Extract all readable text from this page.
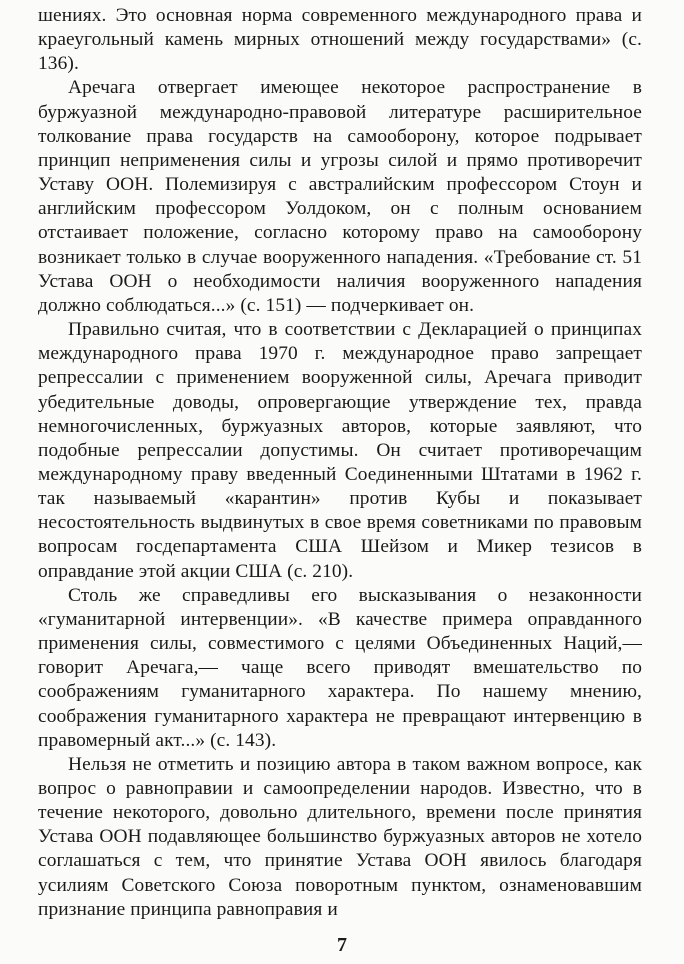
шениях. Это основная норма современного международного права и краеугольный камень мирных отношений между государствами» (с. 136).

Аречага отвергает имеющее некоторое распространение в буржуазной международно-правовой литературе расширительное толкование права государств на самооборону, которое подрывает принцип неприменения силы и угрозы силой и прямо противоречит Уставу ООН. Полемизируя с австралийским профессором Стоун и английским профессором Уолдоком, он с полным основанием отстаивает положение, согласно которому право на самооборону возникает только в случае вооруженного нападения. «Требование ст. 51 Устава ООН о необходимости наличия вооруженного нападения должно соблюдаться...» (с. 151) — подчеркивает он.

Правильно считая, что в соответствии с Декларацией о принципах международного права 1970 г. международное право запрещает репрессалии с применением вооруженной силы, Аречага приводит убедительные доводы, опровергающие утверждение тех, правда немногочисленных, буржуазных авторов, которые заявляют, что подобные репрессалии допустимы. Он считает противоречащим международному праву введенный Соединенными Штатами в 1962 г. так называемый «карантин» против Кубы и показывает несостоятельность выдвинутых в свое время советниками по правовым вопросам госдепартамента США Шейзом и Микер тезисов в оправдание этой акции США (с. 210).

Столь же справедливы его высказывания о незаконности «гуманитарной интервенции». «В качестве примера оправданного применения силы, совместимого с целями Объединенных Наций,— говорит Аречага,— чаще всего приводят вмешательство по соображениям гуманитарного характера. По нашему мнению, соображения гуманитарного характера не превращают интервенцию в правомерный акт...» (с. 143).

Нельзя не отметить и позицию автора в таком важном вопросе, как вопрос о равноправии и самоопределении народов. Известно, что в течение некоторого, довольно длительного, времени после принятия Устава ООН подавляющее большинство буржуазных авторов не хотело соглашаться с тем, что принятие Устава ООН явилось благодаря усилиям Советского Союза поворотным пунктом, ознаменовавшим признание принципа равноправия и

7
